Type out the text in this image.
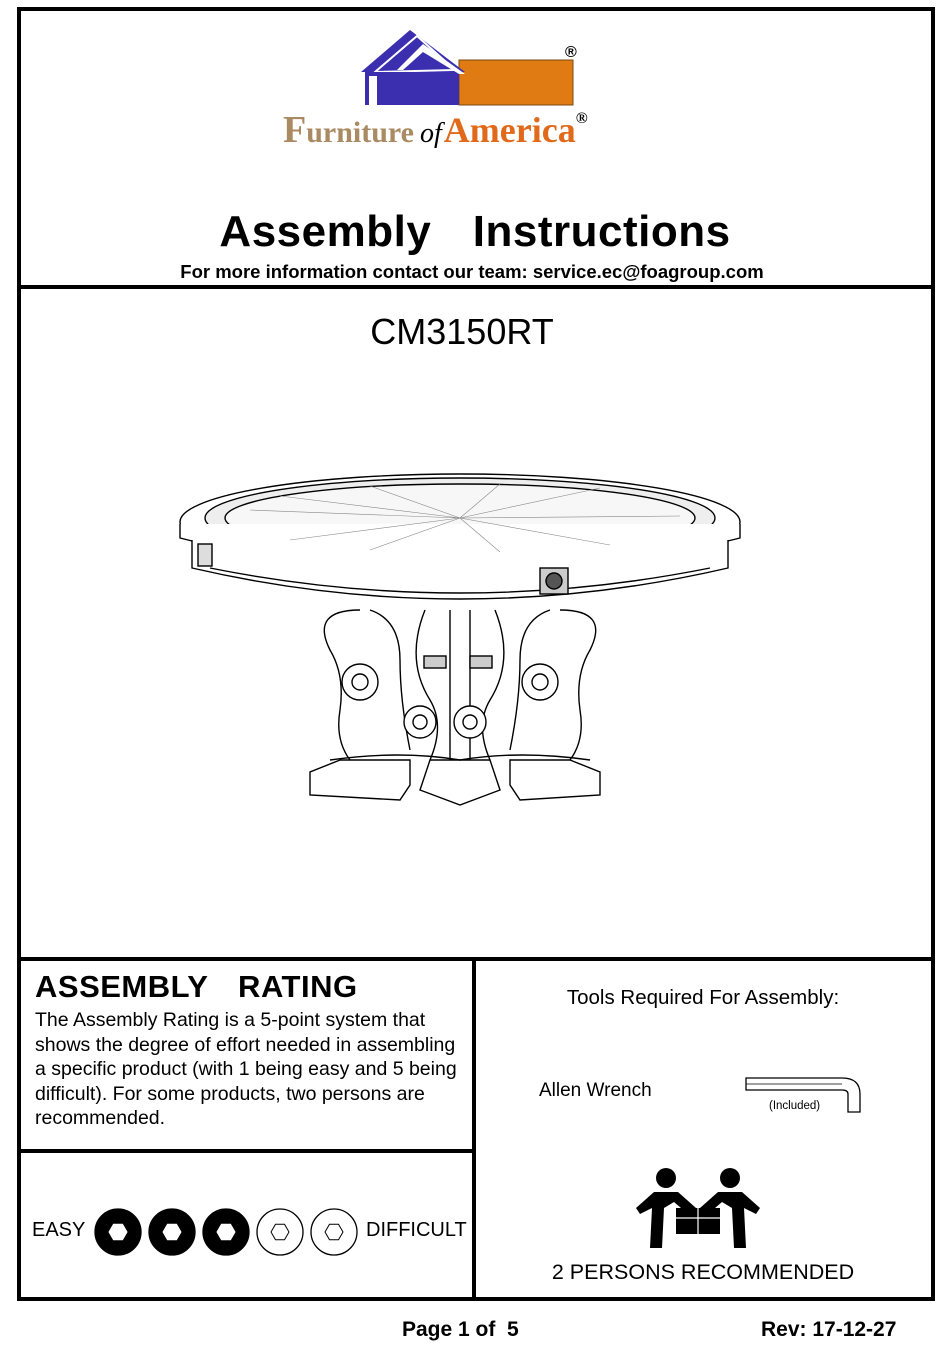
®
Furniture ofAmerica®
Assembly  Instructions
For more information contact our team: service.ec@foagroup.com
CM3150RT
ASSEMBLY  RATING
The Assembly Rating is a 5-point system that shows the degree of effort needed in assembling a specific product (with 1 being easy and 5 being difficult). For some products, two persons are recommended.
EASY	DIFFICULT
Tools Required For Assembly:
Allen Wrench
(Included)
2 PERSONS RECOMMENDED
Page 1 of  5	Rev: 17-12-27
